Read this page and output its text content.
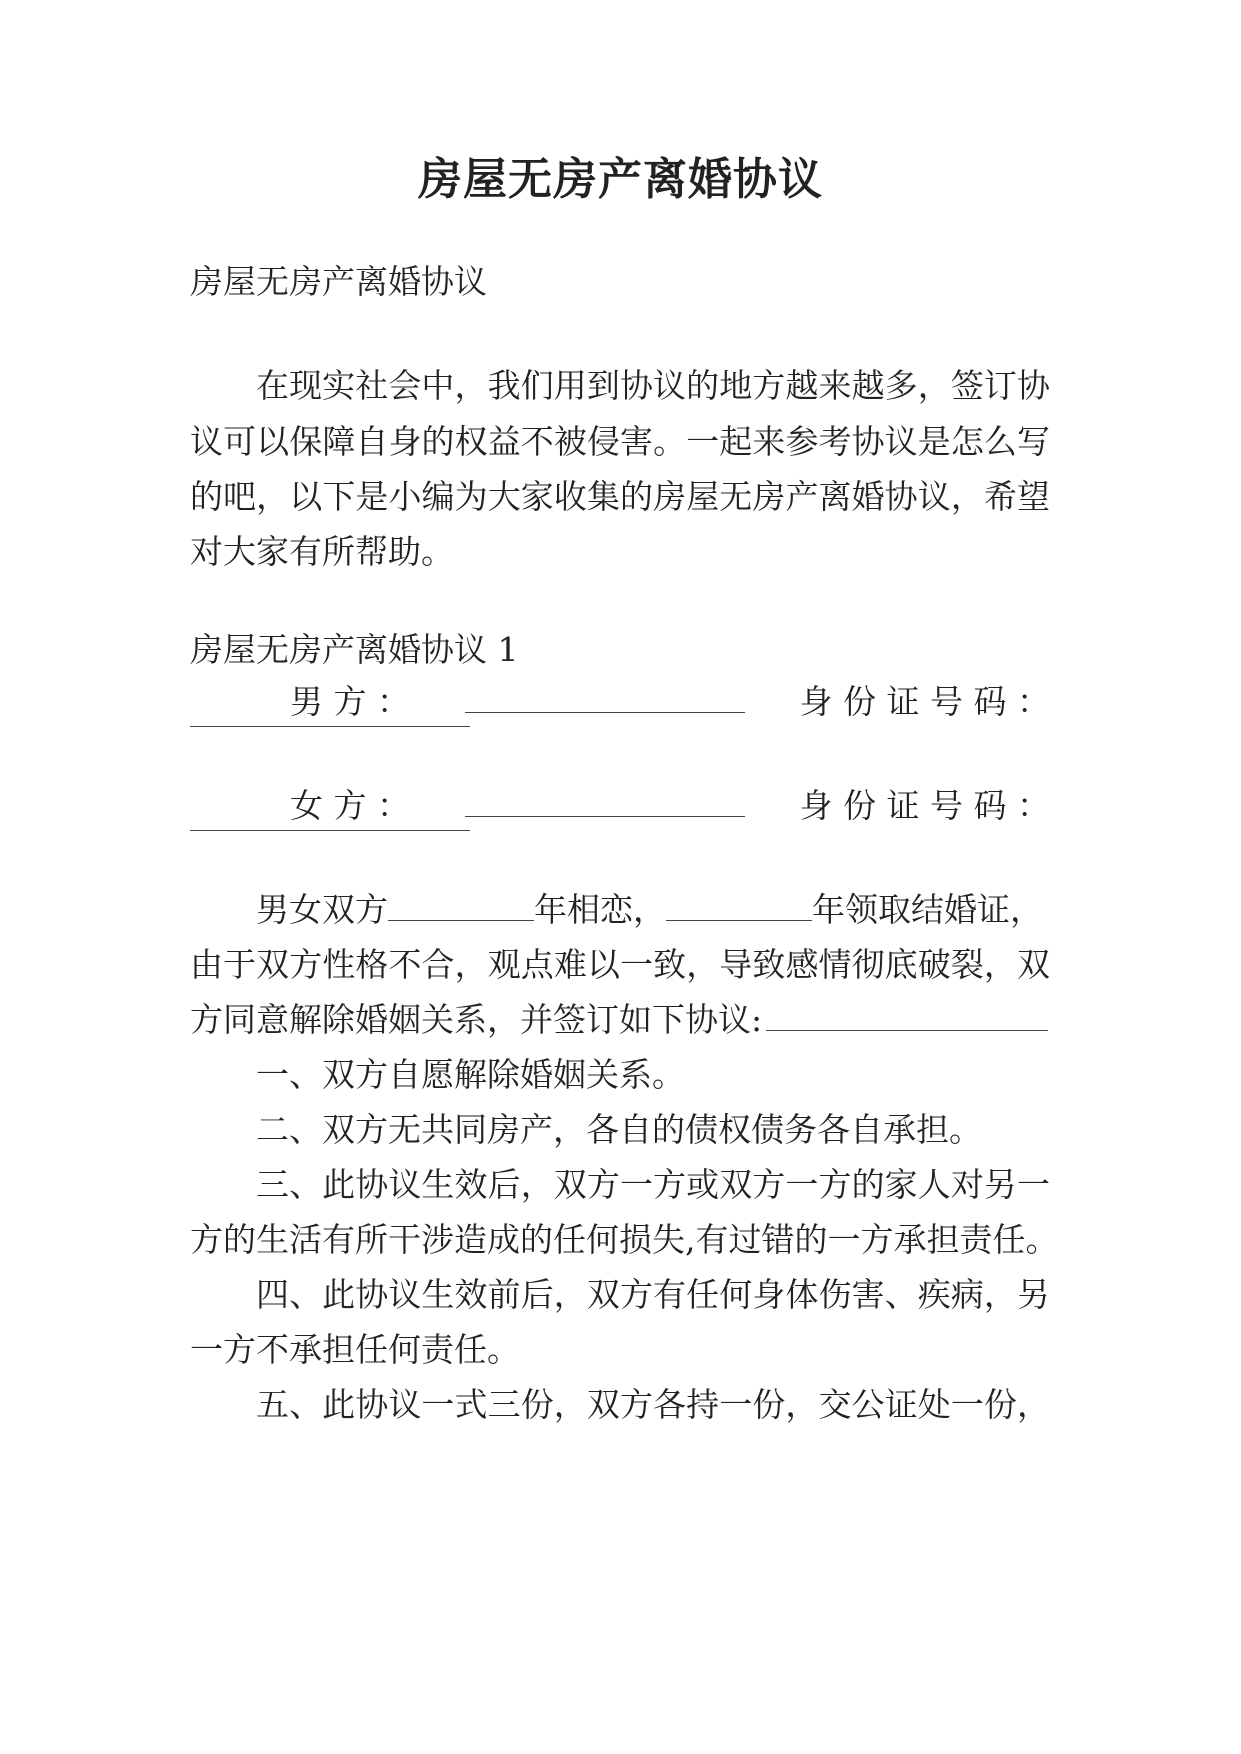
房屋无房产离婚协议
房屋无房产离婚协议
在现实社会中，我们用到协议的地方越来越多，签订协
议可以保障自身的权益不被侵害。一起来参考协议是怎么写
的吧，以下是小编为大家收集的房屋无房产离婚协议，希望
对大家有所帮助。
房屋无房产离婚协议 1
男 方 ：	身 份 证 号 码 ：
女 方 ：	身 份 证 号 码 ：
男女双方	年相恋，	年领取结婚证，
由于双方性格不合，观点难以一致，导致感情彻底破裂，双
方同意解除婚姻关系，并签订如下协议:
一、双方自愿解除婚姻关系。
二、双方无共同房产，各自的债权债务各自承担。
三、此协议生效后，双方一方或双方一方的家人对另一
方的生活有所干涉造成的任何损失,有过错的一方承担责任。
四、此协议生效前后，双方有任何身体伤害、疾病，另
一方不承担任何责任。
五、此协议一式三份，双方各持一份，交公证处一份，
